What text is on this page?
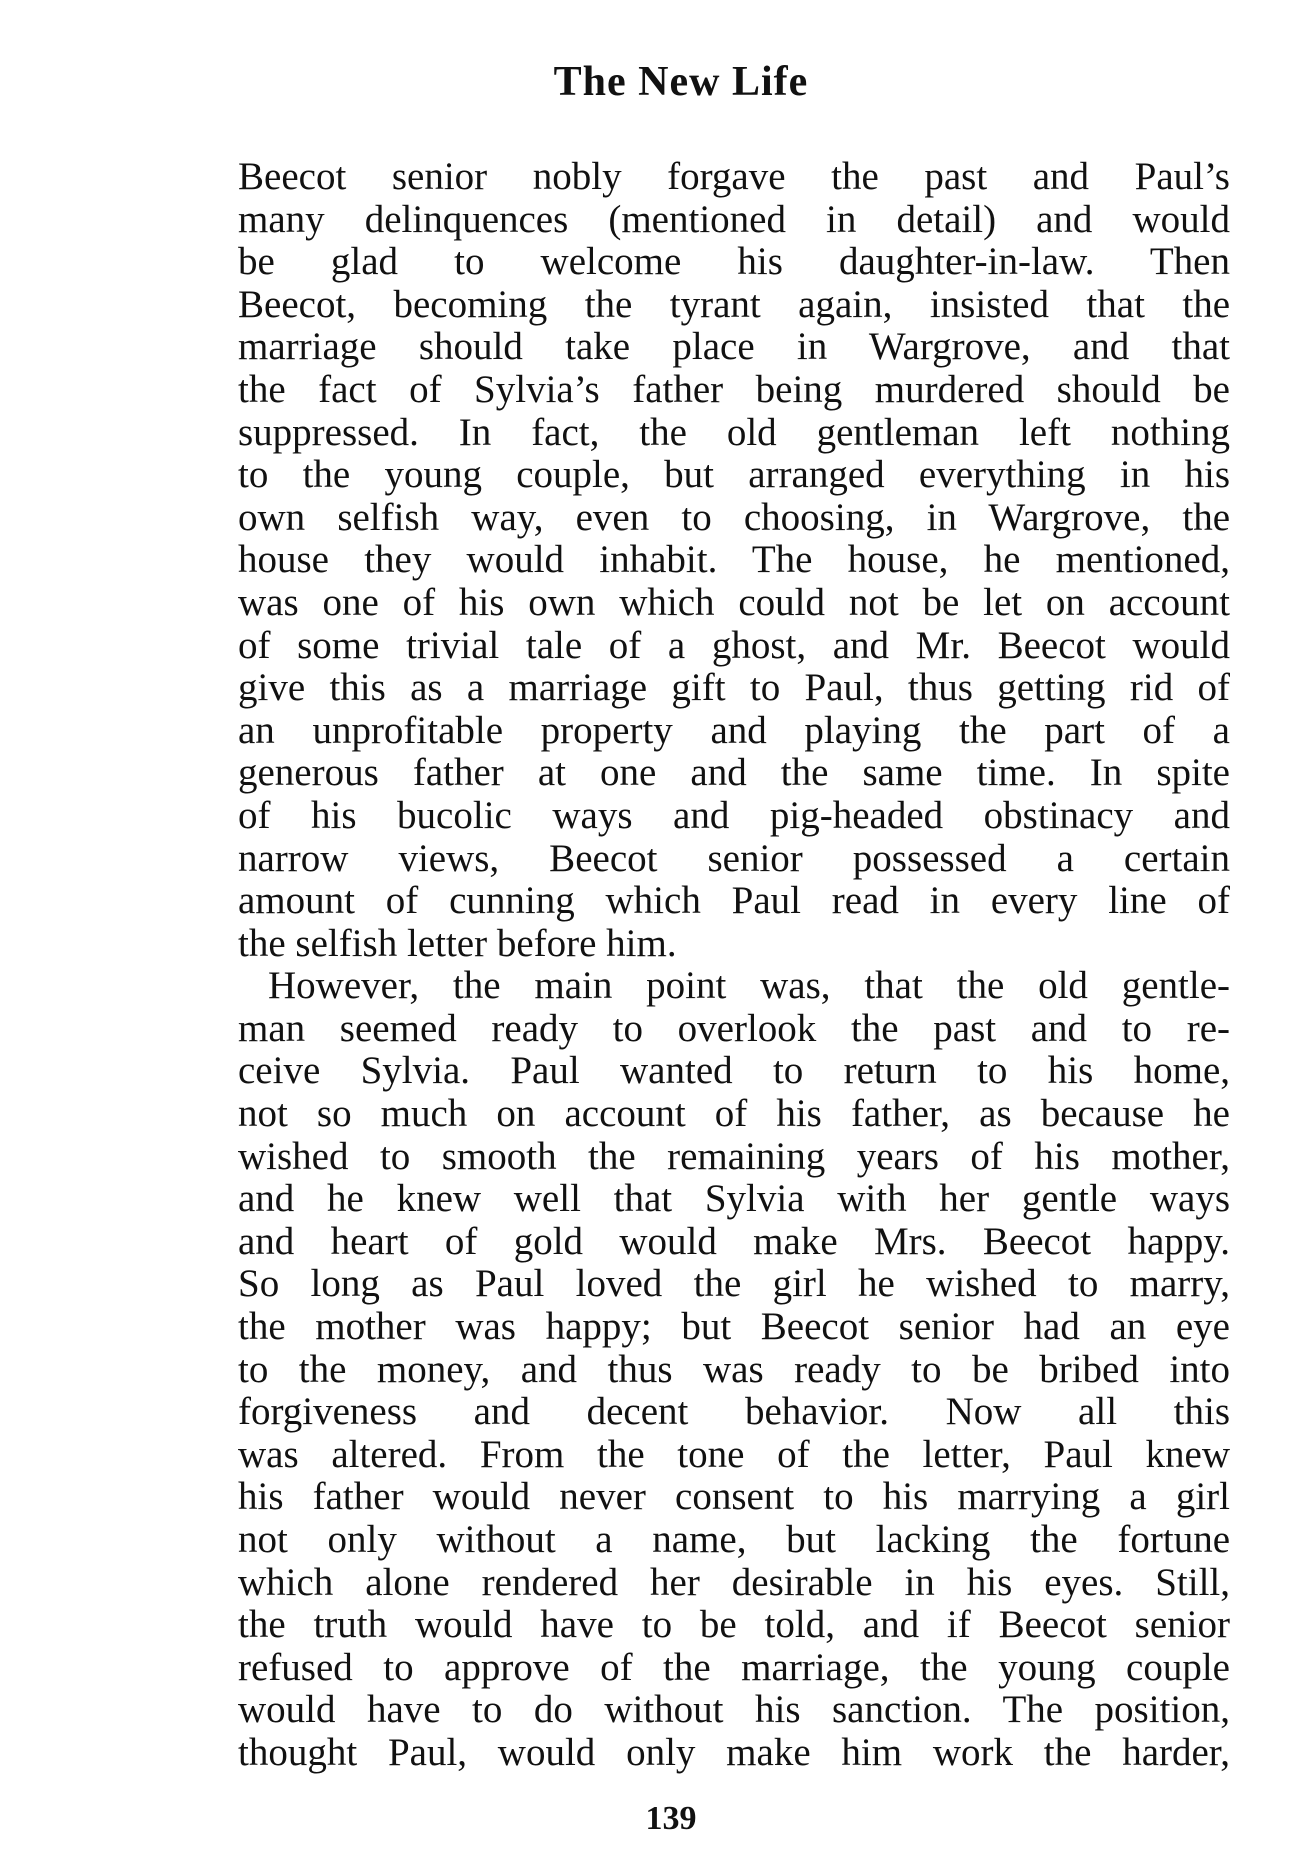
The New Life
Beecot senior nobly forgave the past and Paul’s
many delinquences (mentioned in detail) and would
be glad to welcome his daughter-in-law. Then
Beecot, becoming the tyrant again, insisted that the
marriage should take place in Wargrove, and that
the fact of Sylvia’s father being murdered should be
suppressed. In fact, the old gentleman left nothing
to the young couple, but arranged everything in his
own selfish way, even to choosing, in Wargrove, the
house they would inhabit. The house, he mentioned,
was one of his own which could not be let on account
of some trivial tale of a ghost, and Mr. Beecot would
give this as a marriage gift to Paul, thus getting rid of
an unprofitable property and playing the part of a
generous father at one and the same time. In spite
of his bucolic ways and pig-headed obstinacy and
narrow views, Beecot senior possessed a certain
amount of cunning which Paul read in every line of
the selfish letter before him.
However, the main point was, that the old gentle-
man seemed ready to overlook the past and to re-
ceive Sylvia. Paul wanted to return to his home,
not so much on account of his father, as because he
wished to smooth the remaining years of his mother,
and he knew well that Sylvia with her gentle ways
and heart of gold would make Mrs. Beecot happy.
So long as Paul loved the girl he wished to marry,
the mother was happy; but Beecot senior had an eye
to the money, and thus was ready to be bribed into
forgiveness and decent behavior. Now all this
was altered. From the tone of the letter, Paul knew
his father would never consent to his marrying a girl
not only without a name, but lacking the fortune
which alone rendered her desirable in his eyes. Still,
the truth would have to be told, and if Beecot senior
refused to approve of the marriage, the young couple
would have to do without his sanction. The position,
thought Paul, would only make him work the harder,
139
